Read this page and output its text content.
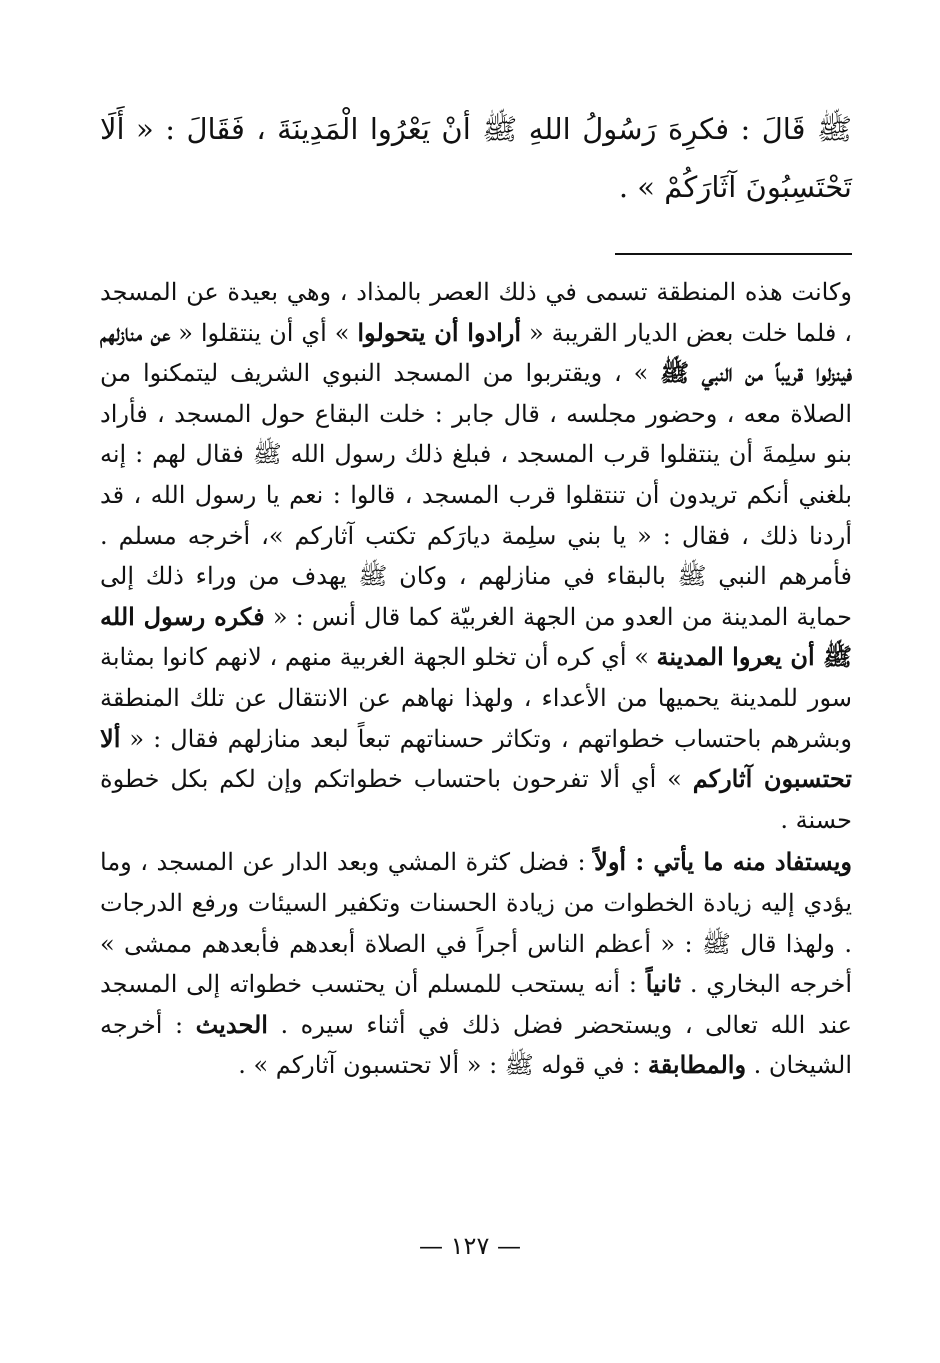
ﷺ قَالَ : فكرِهَ رَسُولُ اللهِ ﷺ أنْ يَعْرُوا الْمَدِينَةَ ، فَقَالَ : « أَلَا تَحْتَسِبُونَ آثَارَكُمْ » .

وكانت هذه المنطقة تسمى في ذلك العصر بالمذاد ، وهي بعيدة عن المسجد ، فلما خلت بعض الديار القريبة « أرادوا أن يتحولوا » أي أن ينتقلوا « عن منازلهم فينزلوا قريباً من النبي ﷺ » ، ويقتربوا من المسجد النبوي الشريف ليتمكنوا من الصلاة معه ، وحضور مجلسه ، قال جابر : خلت البقاع حول المسجد ، فأراد بنو سلِمةَ أن ينتقلوا قرب المسجد ، فبلغ ذلك رسول الله ﷺ فقال لهم : إنه بلغني أنكم تريدون أن تنتقلوا قرب المسجد ، قالوا : نعم يا رسول الله ، قد أردنا ذلك ، فقال : « يا بني سلِمة ديارَكم تكتب آثاركم »، أخرجه مسلم . فأمرهم النبي ﷺ بالبقاء في منازلهم ، وكان ﷺ يهدف من وراء ذلك إلى حماية المدينة من العدو من الجهة الغربيّة كما قال أنس : « فكره رسول الله ﷺ أن يعروا المدينة » أي كره أن تخلو الجهة الغربية منهم ، لانهم كانوا بمثابة سور للمدينة يحميها من الأعداء ، ولهذا نهاهم عن الانتقال عن تلك المنطقة وبشرهم باحتساب خطواتهم ، وتكاثر حسناتهم تبعاً لبعد منازلهم فقال : « ألا تحتسبون آثاركم » أي ألا تفرحون باحتساب خطواتكم وإن لكم بكل خطوة حسنة .

ويستفاد منه ما يأتي : أولاً : فضل كثرة المشي وبعد الدار عن المسجد ، وما يؤدي إليه زيادة الخطوات من زيادة الحسنات وتكفير السيئات ورفع الدرجات . ولهذا قال ﷺ : « أعظم الناس أجراً في الصلاة أبعدهم فأبعدهم ممشى » أخرجه البخاري . ثانياً : أنه يستحب للمسلم أن يحتسب خطواته إلى المسجد عند الله تعالى ، ويستحضر فضل ذلك في أثناء سيره . الحديث : أخرجه الشيخان . والمطابقة : في قوله ﷺ : « ألا تحتسبون آثاركم » .

— ١٢٧ —
